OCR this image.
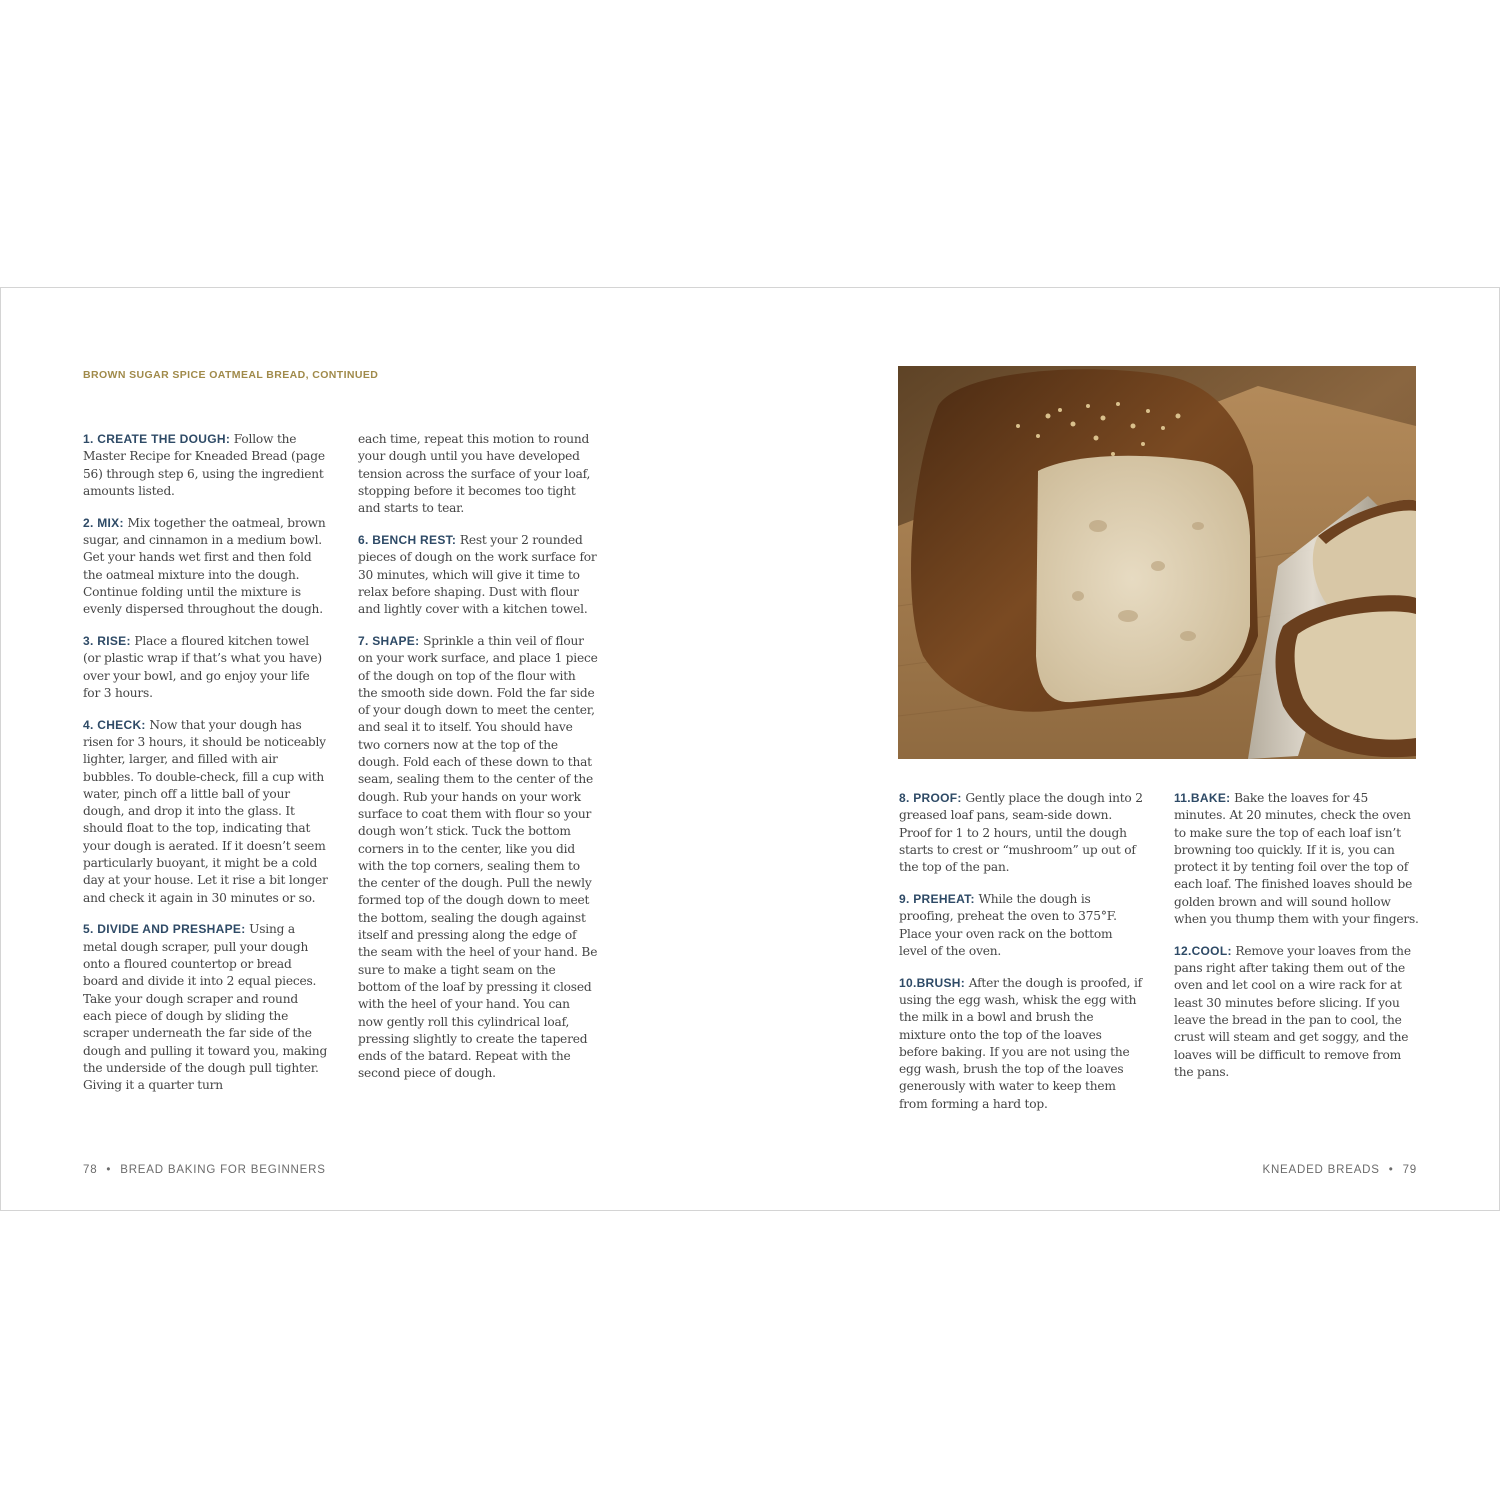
BROWN SUGAR SPICE OATMEAL BREAD, CONTINUED

1. CREATE THE DOUGH: Follow the Master Recipe for Kneaded Bread (page 56) through step 6, using the ingredient amounts listed.

2. MIX: Mix together the oatmeal, brown sugar, and cinnamon in a medium bowl. Get your hands wet first and then fold the oatmeal mixture into the dough. Continue folding until the mixture is evenly dispersed throughout the dough.

3. RISE: Place a floured kitchen towel (or plastic wrap if that’s what you have) over your bowl, and go enjoy your life for 3 hours.

4. CHECK: Now that your dough has risen for 3 hours, it should be noticeably lighter, larger, and filled with air bubbles. To double-check, fill a cup with water, pinch off a little ball of your dough, and drop it into the glass. It should float to the top, indicating that your dough is aerated. If it doesn’t seem particularly buoyant, it might be a cold day at your house. Let it rise a bit longer and check it again in 30 minutes or so.

5. DIVIDE AND PRESHAPE: Using a metal dough scraper, pull your dough onto a floured countertop or bread board and divide it into 2 equal pieces. Take your dough scraper and round each piece of dough by sliding the scraper underneath the far side of the dough and pulling it toward you, making the underside of the dough pull tighter. Giving it a quarter turn

each time, repeat this motion to round your dough until you have developed tension across the surface of your loaf, stopping before it becomes too tight and starts to tear.

6. BENCH REST: Rest your 2 rounded pieces of dough on the work surface for 30 minutes, which will give it time to relax before shaping. Dust with flour and lightly cover with a kitchen towel.

7. SHAPE: Sprinkle a thin veil of flour on your work surface, and place 1 piece of the dough on top of the flour with the smooth side down. Fold the far side of your dough down to meet the center, and seal it to itself. You should have two corners now at the top of the dough. Fold each of these down to that seam, sealing them to the center of the dough. Rub your hands on your work surface to coat them with flour so your dough won’t stick. Tuck the bottom corners in to the center, like you did with the top corners, sealing them to the center of the dough. Pull the newly formed top of the dough down to meet the bottom, sealing the dough against itself and pressing along the edge of the seam with the heel of your hand. Be sure to make a tight seam on the bottom of the loaf by pressing it closed with the heel of your hand. You can now gently roll this cylindrical loaf, pressing slightly to create the tapered ends of the batard. Repeat with the second piece of dough.

8. PROOF: Gently place the dough into 2 greased loaf pans, seam-side down. Proof for 1 to 2 hours, until the dough starts to crest or “mushroom” up out of the top of the pan.

9. PREHEAT: While the dough is proofing, preheat the oven to 375°F. Place your oven rack on the bottom level of the oven.

10.BRUSH: After the dough is proofed, if using the egg wash, whisk the egg with the milk in a bowl and brush the mixture onto the top of the loaves before baking. If you are not using the egg wash, brush the top of the loaves generously with water to keep them from forming a hard top.

11.BAKE: Bake the loaves for 45 minutes. At 20 minutes, check the oven to make sure the top of each loaf isn’t browning too quickly. If it is, you can protect it by tenting foil over the top of each loaf. The finished loaves should be golden brown and will sound hollow when you thump them with your fingers.

12.COOL: Remove your loaves from the pans right after taking them out of the oven and let cool on a wire rack for at least 30 minutes before slicing. If you leave the bread in the pan to cool, the crust will steam and get soggy, and the loaves will be difficult to remove from the pans.

78 • BREAD BAKING FOR BEGINNERS	KNEADED BREADS • 79
